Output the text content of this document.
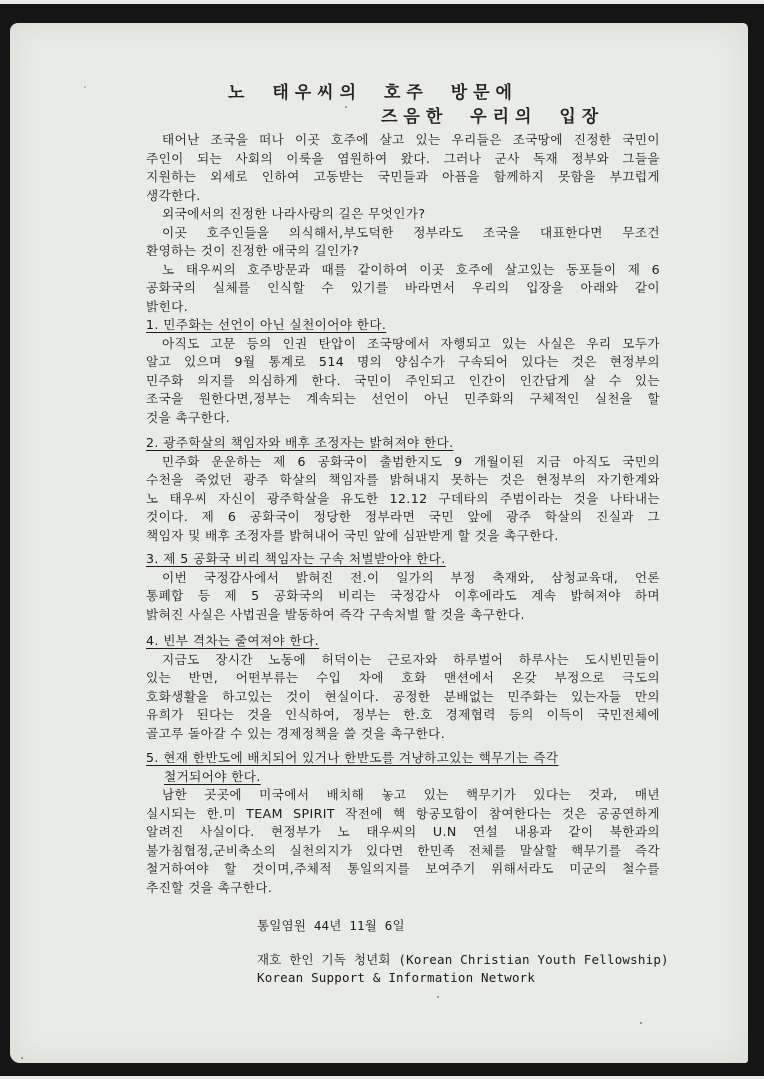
노 태우씨의 호주 방문에
즈음한 우리의 입장
태어난 조국을 떠나 이곳 호주에 살고 있는 우리들은 조국땅에 진정한 국민이
주인이 되는 사회의 이룩을 염원하여 왔다. 그러나 군사 독재 정부와 그들을
지원하는 외세로 인하여 고동받는 국민들과 아픔을 함께하지 못함을 부끄럽게
생각한다.
외국에서의 진정한 나라사랑의 길은 무엇인가?
이곳 호주인들을 의식해서,부도덕한 정부라도 조국을 대표한다면 무조건
환영하는 것이 진정한 애국의 길인가?
노 태우씨의 호주방문과 때를 같이하여 이곳 호주에 살고있는 동포들이 제 6
공화국의 실체를 인식할 수 있기를 바라면서 우리의 입장을 아래와 같이
밝힌다.
1. 민주화는 선언이 아닌 실천이어야 한다.
아직도 고문 등의 인권 탄압이 조국땅에서 자행되고 있는 사실은 우리 모두가
알고 있으며 9월 통계로 514 명의 양심수가 구속되어 있다는 것은 현정부의
민주화 의지를 의심하게 한다. 국민이 주인되고 인간이 인간답게 살 수 있는
조국을 원한다면,정부는 계속되는 선언이 아닌 민주화의 구체적인 실천을 할
것을 촉구한다.
2. 광주학살의 책임자와 배후 조정자는 밝혀져야 한다.
민주화 운운하는 제 6 공화국이 출범한지도 9 개월이된 지금 아직도 국민의
수천을 죽었던 광주 학살의 책임자를 밝혀내지 못하는 것은 현정부의 자기한계와
노 태우씨 자신이 광주학살을 유도한 12.12 구데타의 주범이라는 것을 나타내는
것이다. 제 6 공화국이 정당한 정부라면 국민 앞에 광주 학살의 진실과 그
책임자 및 배후 조정자를 밝혀내어 국민 앞에 심판받게 할 것을 촉구한다.
3. 제 5 공화국 비리 책임자는 구속 처벌받아야 한다.
이번 국정감사에서 밝혀진 전.이 일가의 부정 축재와, 삼청교육대, 언론
통폐합 등 제 5 공화국의 비리는 국정감사 이후에라도 계속 밝혀져야 하며
밝혀진 사실은 사법권을 발동하여 즉각 구속처벌 할 것을 촉구한다.
4. 빈부 격차는 줄여져야 한다.
지금도 장시간 노동에 허덕이는 근로자와 하루벌어 하루사는 도시빈민들이
있는 반면, 어떤부류는 수입 차에 호화 맨션에서 온갖 부정으로 극도의
호화생활을 하고있는 것이 현실이다. 공정한 분배없는 민주화는 있는자들 만의
유희가 된다는 것을 인식하여, 정부는 한.호 경제협력 등의 이득이 국민전체에
골고루 돌아갈 수 있는 경제정책을 쓸 것을 촉구한다.
5. 현재 한반도에 배치되어 있거나 한반도를 겨냥하고있는 핵무기는 즉각
철거되어야 한다.
남한 곳곳에 미국에서 배치해 놓고 있는 핵무기가 있다는 것과, 매년
실시되는 한.미 TEAM SPIRIT 작전에 핵 항공모함이 참여한다는 것은 공공연하게
알려진 사실이다. 현정부가 노 태우씨의 U.N 연설 내용과 같이 북한과의
불가침협정,군비축소의 실천의지가 있다면 한민족 전체를 말살할 핵무기를 즉각
철거하여야 할 것이며,주체적 통일의지를 보여주기 위해서라도 미군의 철수를
추진할 것을 촉구한다.
통일염원 44년 11월 6일
재호 한인 기독 청년회 (Korean Christian Youth Fellowship)
Korean Support & Information Network
